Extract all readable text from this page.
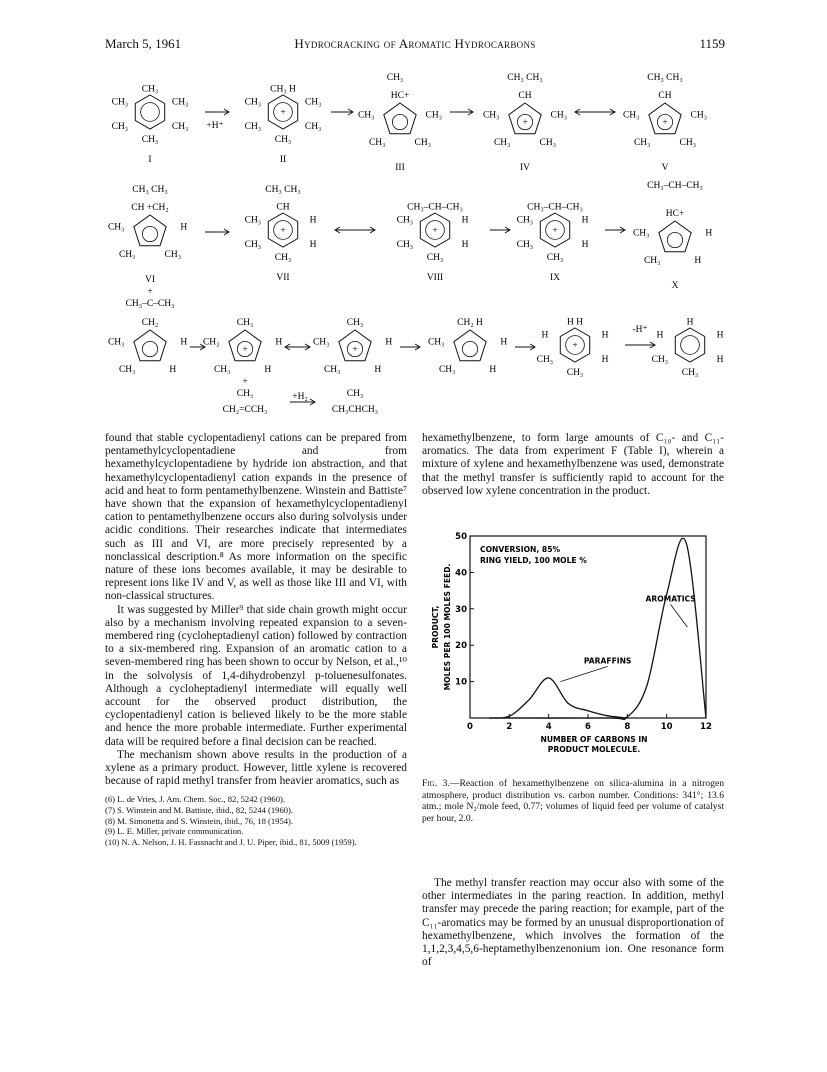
March 5, 1961	Hydrocracking of Aromatic Hydrocarbons	1159
CH₃
CH₃
CH₃
CH₃
CH₃
CH₃
I
+H⁺
+
CH₃ H
CH₃
CH₃
CH₃
CH₃
CH₃
II
HC+
CH₃
CH₃
CH₃
CH₃
III
CH₃
+
CH
CH₃
CH₃
CH₃
CH₃
IV
CH₃ CH₃
+
CH
CH₃
CH₃
CH₃
CH₃
V
CH₃ CH₃
CH +CH₂
H
CH₃
CH₃
CH₃
VI
CH₃ CH₃
+
CH
H
H
CH₃
CH₃
CH₃
VII
CH₃ CH₃
+
CH₃–CH–CH₃
H
H
CH₃
CH₃
CH₃
VIII
+
CH₃–CH–CH₃
H
H
CH₃
CH₃
CH₃
IX
HC+
H
H
CH₃
CH₃
X
CH₃–CH–CH₃
+
CH₃–C–CH₃
CH₂
H
H
CH₃
CH₃
+
CH₃
H
H
CH₃
CH₃
+
CH₃
CH₂=CCH₃
+H₂	CH₃
CH₃CHCH₃
+
CH₃
H
H
CH₃
CH₃
CH₂ H
H
H
CH₃
CH₃	+
H H
H
H
CH₃
CH₃
H
-H⁺
H
H
H
CH₃
CH₃
H

found that stable cyclopentadienyl cations can be prepared from pentamethylcyclopentadiene and from hexamethylcyclopentadiene by hydride ion abstraction, and that hexamethylcyclopentadienyl cation expands in the presence of acid and heat to form pentamethylbenzene. Winstein and Battiste⁷ have shown that the expansion of hexamethylcyclopentadienyl cation to pentamethylbenzene occurs also during solvolysis under acidic conditions. Their researches indicate that intermediates such as III and VI, are more precisely represented by a nonclassical description.⁸ As more information on the specific nature of these ions becomes available, it may be desirable to represent ions like IV and V, as well as those like III and VI, with non-classical structures.

It was suggested by Miller⁹ that side chain growth might occur also by a mechanism involving repeated expansion to a seven-membered ring (cycloheptadienyl cation) followed by contraction to a six-membered ring. Expansion of an aromatic cation to a seven-membered ring has been shown to occur by Nelson, et al.,¹⁰ in the solvolysis of 1,4-dihydrobenzyl p-toluenesulfonates. Although a cycloheptadienyl intermediate will equally well account for the observed product distribution, the cyclopentadienyl cation is believed likely to be the more stable and hence the more probable intermediate. Further experimental data will be required before a final decision can be reached.

The mechanism shown above results in the production of a xylene as a primary product. However, little xylene is recovered because of rapid methyl transfer from heavier aromatics, such as

(6) L. de Vries, J. Am. Chem. Soc., 82, 5242 (1960).
(7) S. Winstein and M. Battiste, ibid., 82, 5244 (1960).
(8) M. Simonetta and S. Winstein, ibid., 76, 18 (1954).
(9) L. E. Miller, private communication.
(10) N. A. Nelson, J. H. Fassnacht and J. U. Piper, ibid., 81, 5009 (1959).

hexamethylbenzene, to form large amounts of C₁₀- and C₁₁-aromatics. The data from experiment F (Table I), wherein a mixture of xylene and hexamethylbenzene was used, demonstrate that the methyl transfer is sufficiently rapid to account for the observed low xylene concentration in the product.

0	2	4	6	8	10	12
10
20
30
40
50
CONVERSION, 85%
RING YIELD, 100 MOLE %
NUMBER OF CARBONS IN
PRODUCT MOLECULE.
PRODUCT, MOLES PER 100 MOLES FEED.	PARAFFINS
AROMATICS
Fig. 3.—Reaction of hexamethylbenzene on silica-alumina in a nitrogen atmosphere, product distribution vs. carbon number. Conditions: 341°; 13.6 atm.; mole N₂/mole feed, 0.77; volumes of liquid feed per volume of catalyst per hour, 2.0.

The methyl transfer reaction may occur also with some of the other intermediates in the paring reaction. In addition, methyl transfer may precede the paring reaction; for example, part of the C₁₁-aromatics may be formed by an unusual disproportionation of hexamethylbenzene, which involves the formation of the 1,1,2,3,4,5,6-heptamethylbenzenonium ion. One resonance form of
